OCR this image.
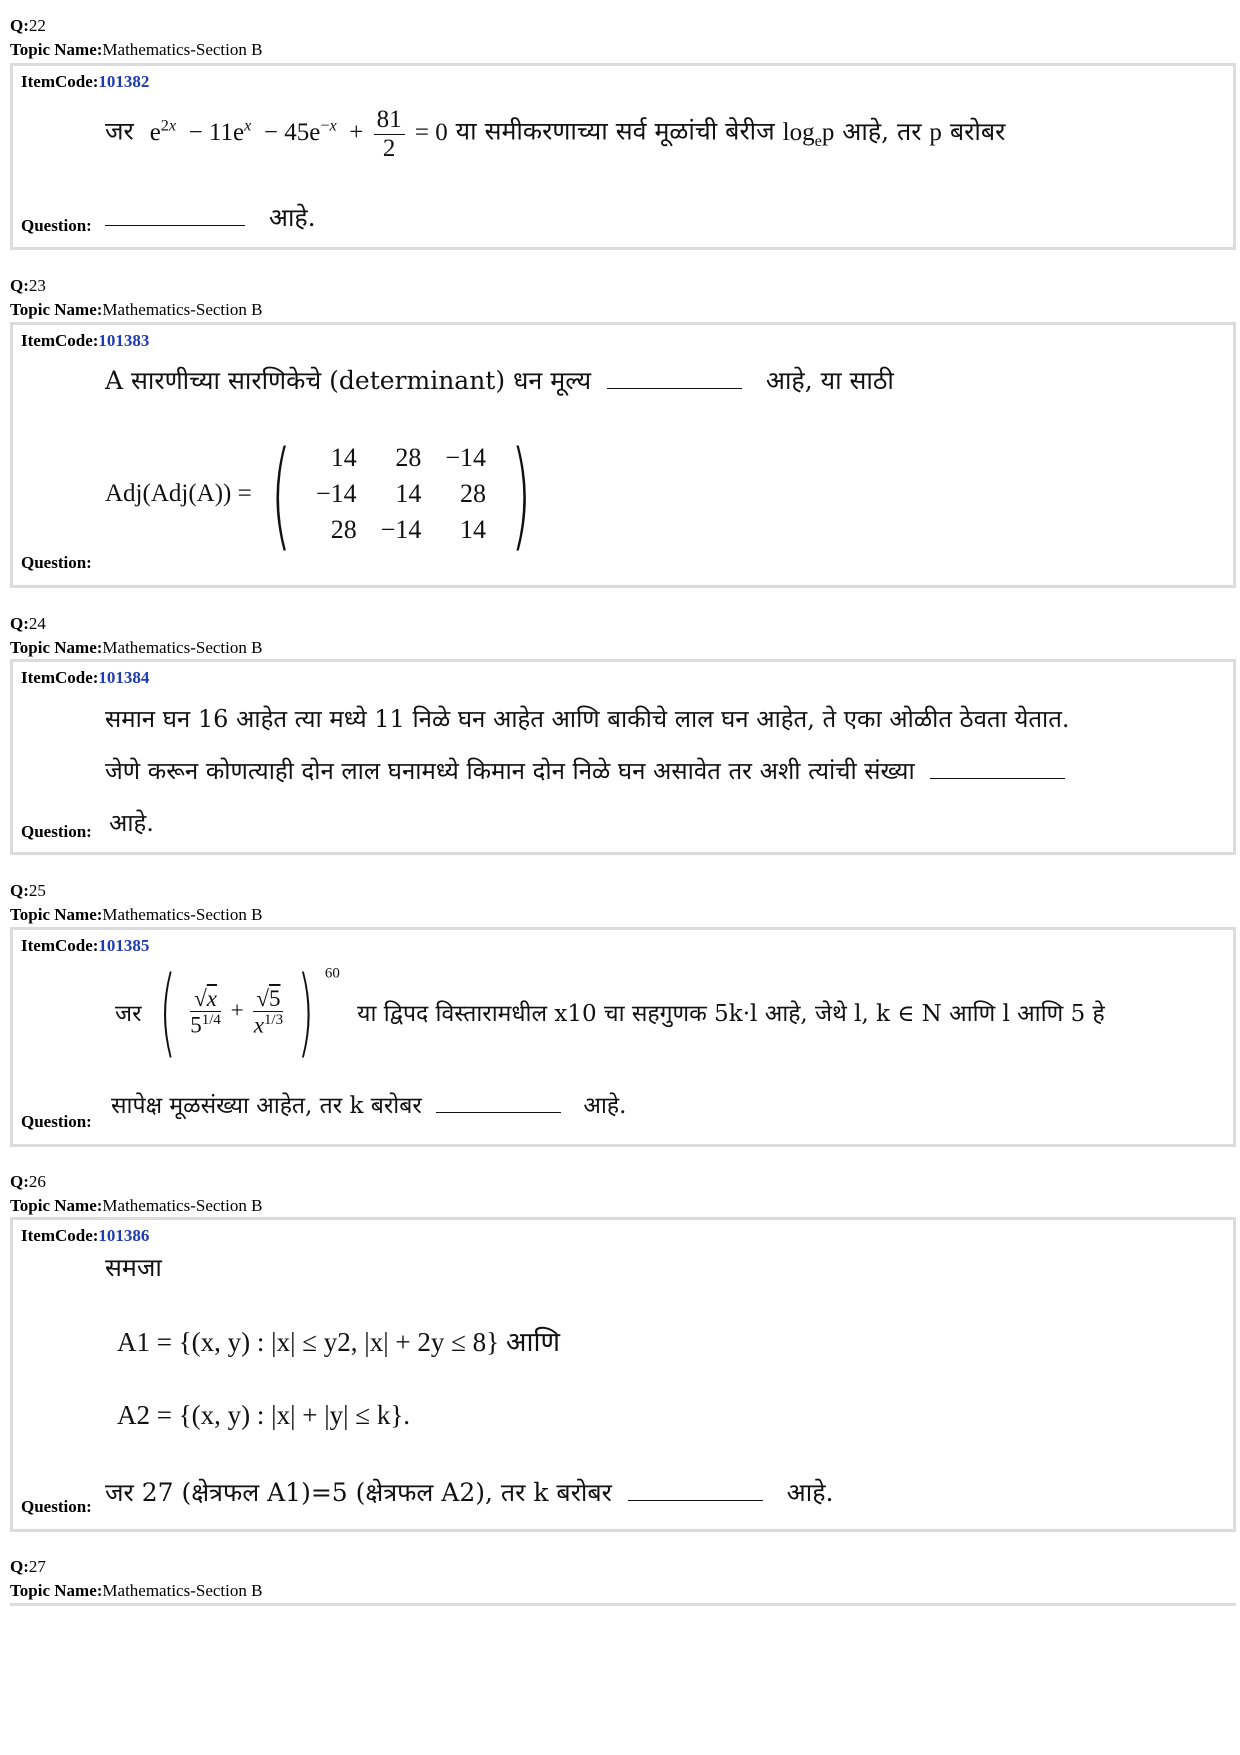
Q:22
Topic Name:Mathematics-Section B
ItemCode:101382
जर $e^{2x} - 11e^x - 45e^{-x} + \frac{81}{2} = 0$ या समीकरणाच्या सर्व मूळांची बेरीज $\log_ep$ आहे, तर p बरोबर
Question:	आहे.
Q:23
Topic Name:Mathematics-Section B
ItemCode:101383
A सारणीच्या सारणिकेचे (determinant) धन मूल्य	आहे, या साठी
Adj(Adj(A)) = ( 14	28	−14
−14	14	28
28	−14	14 )
Question:
Q:24
Topic Name:Mathematics-Section B
ItemCode:101384
समान घन 16 आहेत त्या मध्ये 11 निळे घन आहेत आणि बाकीचे लाल घन आहेत, ते एका ओळीत ठेवता येतात.
जेणे करून कोणत्याही दोन लाल घनामध्ये किमान दोन निळे घन असावेत तर अशी त्यांची संख्या
Question: आहे.
Q:25
Topic Name:Mathematics-Section B
ItemCode:101385
जर ( $\frac{√x}{5^{1/4}} + \frac{√5}{x^{1/3}}$ ) $^{60}$ या द्विपद विस्तारामधील x10 चा सहगुणक 5k·l आहे, जेथे l, k ∈ N आणि l आणि 5 हे
Question:
सापेक्ष मूळसंख्या आहेत, तर k बरोबर	आहे.
Q:26
Topic Name:Mathematics-Section B
ItemCode:101386
समजा
A1 = {(x, y) : |x| ≤ y2, |x| + 2y ≤ 8} आणि
A2 = {(x, y) : |x| + |y| ≤ k}.
Question: जर 27 (क्षेत्रफल A1)=5 (क्षेत्रफल A2), तर k बरोबर	आहे.
Q:27
Topic Name:Mathematics-Section B
